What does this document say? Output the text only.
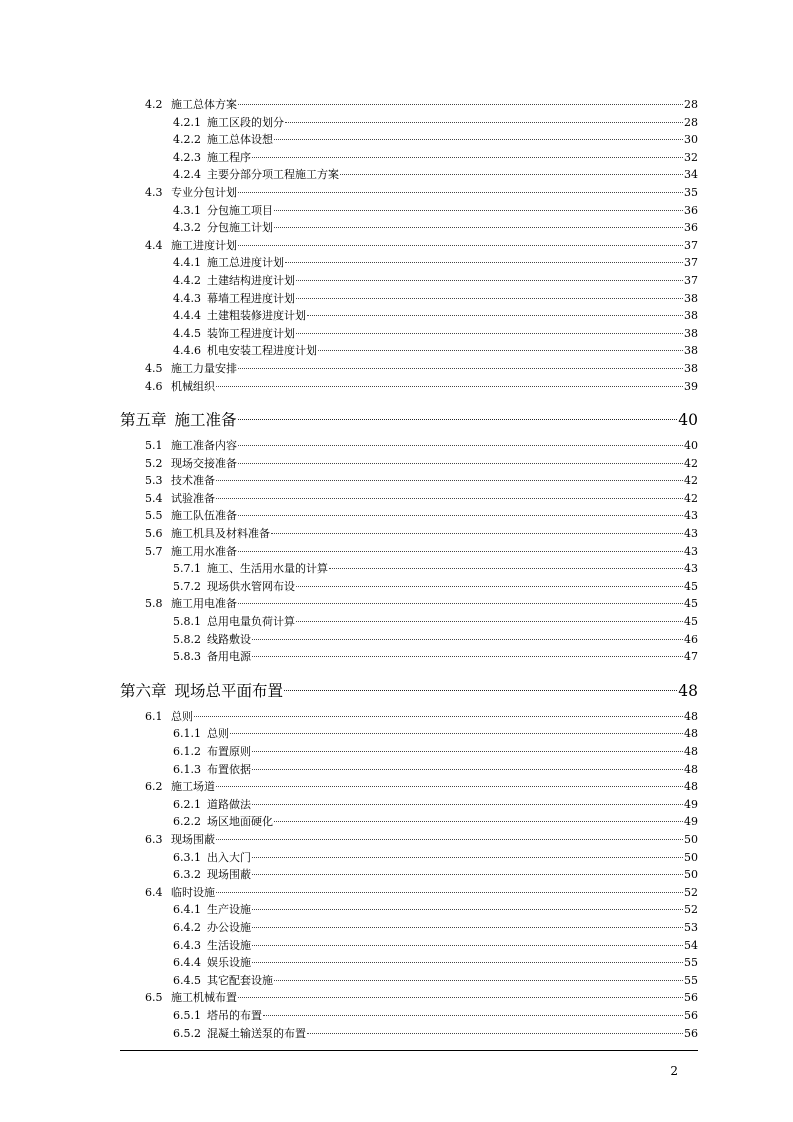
4.2 施工总体方案	28
4.2.1 施工区段的划分	28
4.2.2 施工总体设想	30
4.2.3 施工程序	32
4.2.4 主要分部分项工程施工方案	34
4.3 专业分包计划	35
4.3.1 分包施工项目	36
4.3.2 分包施工计划	36
4.4 施工进度计划	37
4.4.1 施工总进度计划	37
4.4.2 土建结构进度计划	37
4.4.3 幕墙工程进度计划	38
4.4.4 土建粗装修进度计划	38
4.4.5 装饰工程进度计划	38
4.4.6 机电安装工程进度计划	38
4.5 施工力量安排	38
4.6 机械组织	39
第五章 施工准备	40
5.1 施工准备内容	40
5.2 现场交接准备	42
5.3 技术准备	42
5.4 试验准备	42
5.5 施工队伍准备	43
5.6 施工机具及材料准备	43
5.7 施工用水准备	43
5.7.1 施工、生活用水量的计算	43
5.7.2 现场供水管网布设	45
5.8 施工用电准备	45
5.8.1 总用电量负荷计算	45
5.8.2 线路敷设	46
5.8.3 备用电源	47
第六章 现场总平面布置	48
6.1 总则	48
6.1.1 总则	48
6.1.2 布置原则	48
6.1.3 布置依据	48
6.2 施工场道	48
6.2.1 道路做法	49
6.2.2 场区地面硬化	49
6.3 现场围蔽	50
6.3.1 出入大门	50
6.3.2 现场围蔽	50
6.4 临时设施	52
6.4.1 生产设施	52
6.4.2 办公设施	53
6.4.3 生活设施	54
6.4.4 娱乐设施	55
6.4.5 其它配套设施	55
6.5 施工机械布置	56
6.5.1 塔吊的布置	56
6.5.2 混凝土输送泵的布置	56
2
